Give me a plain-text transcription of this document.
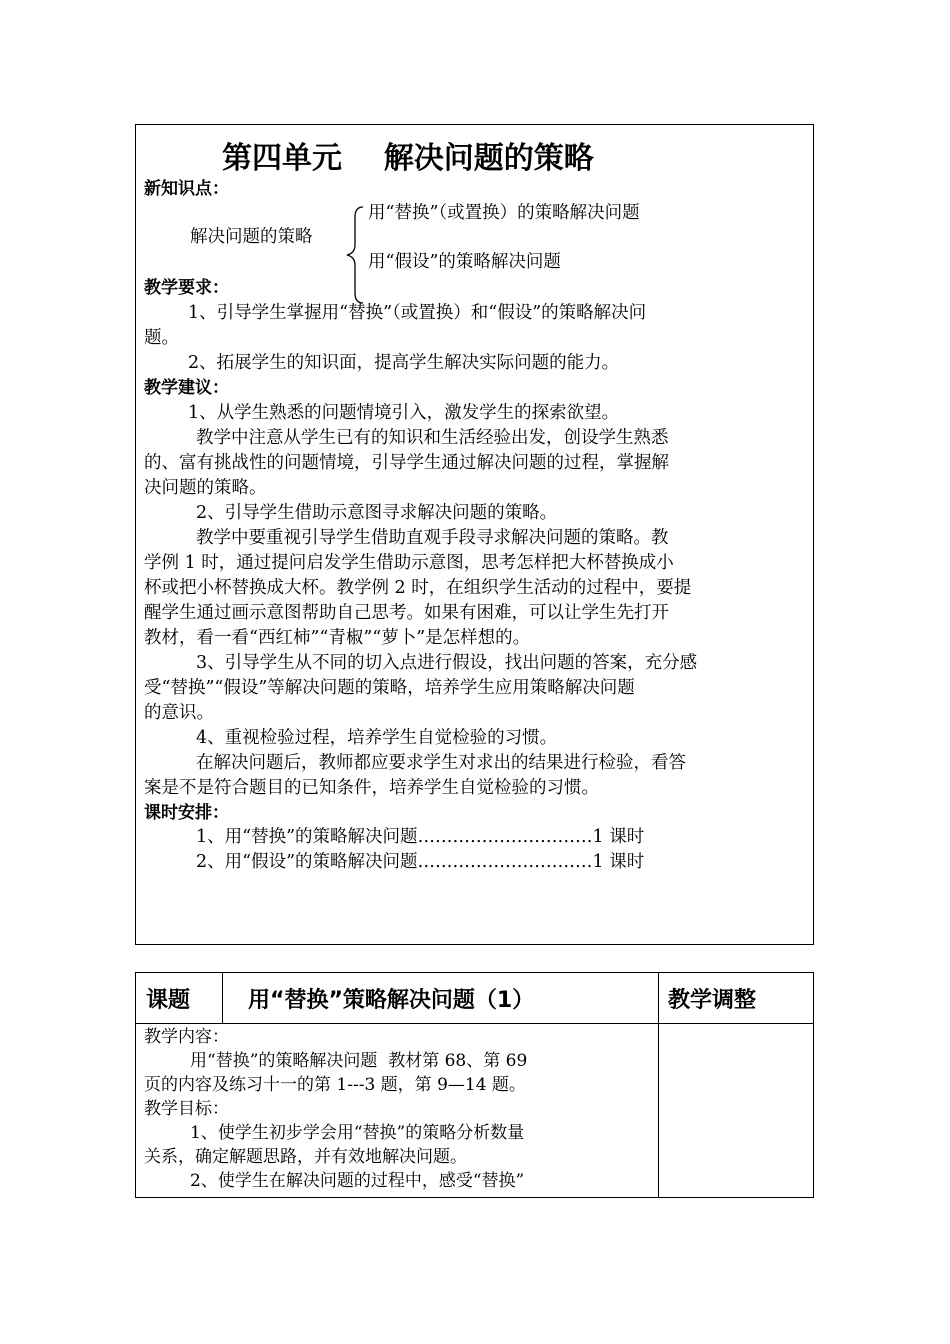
第四单元    解决问题的策略
新知识点：
解决问题的策略
用“替换”（或置换）的策略解决问题
用“假设”的策略解决问题
教学要求：
1、引导学生掌握用“替换”（或置换）和“假设”的策略解决问
题。
2、拓展学生的知识面，提高学生解决实际问题的能力。
教学建议：
1、从学生熟悉的问题情境引入，激发学生的探索欲望。
教学中注意从学生已有的知识和生活经验出发，创设学生熟悉
的、富有挑战性的问题情境，引导学生通过解决问题的过程，掌握解
决问题的策略。
2、引导学生借助示意图寻求解决问题的策略。
教学中要重视引导学生借助直观手段寻求解决问题的策略。教
学例 1 时，通过提问启发学生借助示意图，思考怎样把大杯替换成小
杯或把小杯替换成大杯。教学例 2 时，在组织学生活动的过程中，要提
醒学生通过画示意图帮助自己思考。如果有困难，可以让学生先打开
教材，看一看“西红柿”“青椒”“萝卜”是怎样想的。
3、引导学生从不同的切入点进行假设，找出问题的答案，充分感
受“替换”“假设”等解决问题的策略，培养学生应用策略解决问题
的意识。
4、重视检验过程，培养学生自觉检验的习惯。
在解决问题后，教师都应要求学生对求出的结果进行检验，看答
案是不是符合题目的已知条件，培养学生自觉检验的习惯。
课时安排：
1、用“替换”的策略解决问题…………………………1 课时
2、用“假设”的策略解决问题…………………………1 课时
课题	用“替换”策略解决问题（1）	教学调整
教学内容：
用“替换”的策略解决问题  教材第 68、第 69
页的内容及练习十一的第 1---3 题，第 9—14 题。
教学目标：
1、使学生初步学会用“替换”的策略分析数量
关系，确定解题思路，并有效地解决问题。
2、使学生在解决问题的过程中，感受“替换”
